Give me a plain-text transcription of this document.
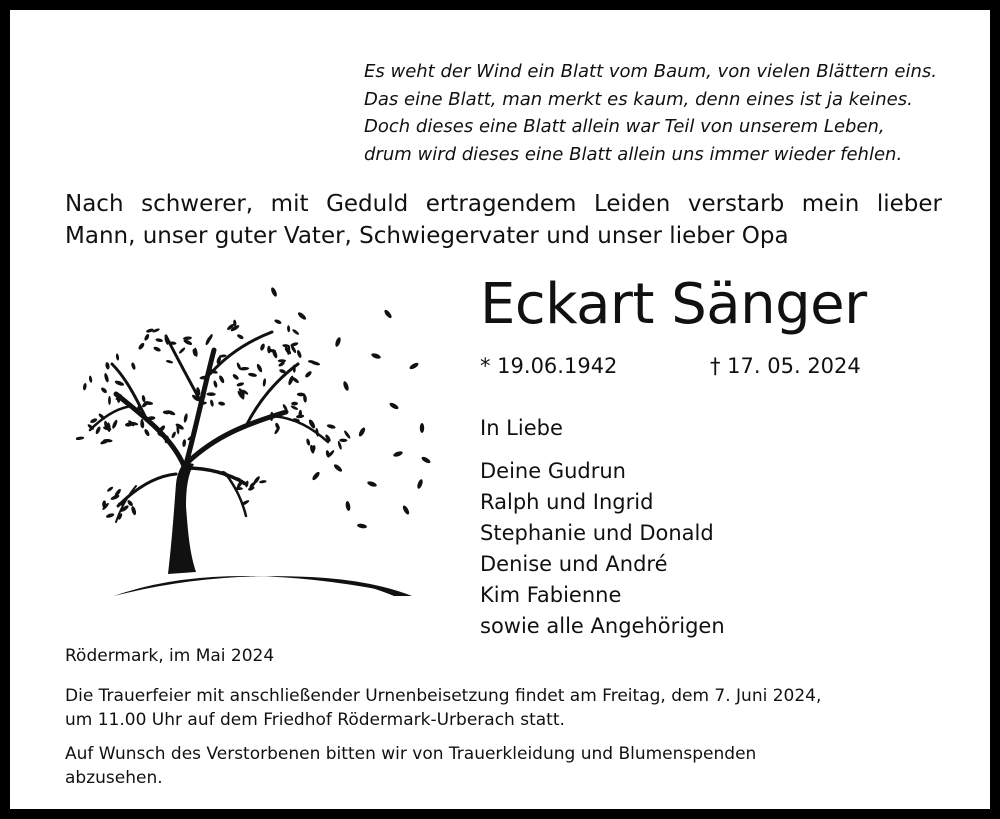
Es weht der Wind ein Blatt vom Baum, von vielen Blättern eins.
Das eine Blatt, man merkt es kaum, denn eines ist ja keines.
Doch dieses eine Blatt allein war Teil von unserem Leben,
drum wird dieses eine Blatt allein uns immer wieder fehlen.
Nach schwerer, mit Geduld ertragendem Leiden verstarb mein lieber
Mann, unser guter Vater, Schwiegervater und unser lieber Opa
Eckart Sänger
* 19.06.1942	† 17. 05. 2024
In Liebe
Deine Gudrun
Ralph und Ingrid
Stephanie und Donald
Denise und André
Kim Fabienne
sowie alle Angehörigen
Rödermark, im Mai 2024
Die Trauerfeier mit anschließender Urnenbeisetzung findet am Freitag, dem 7. Juni 2024,
um 11.00 Uhr auf dem Friedhof Rödermark-Urberach statt.
Auf Wunsch des Verstorbenen bitten wir von Trauerkleidung und Blumenspenden
abzusehen.
